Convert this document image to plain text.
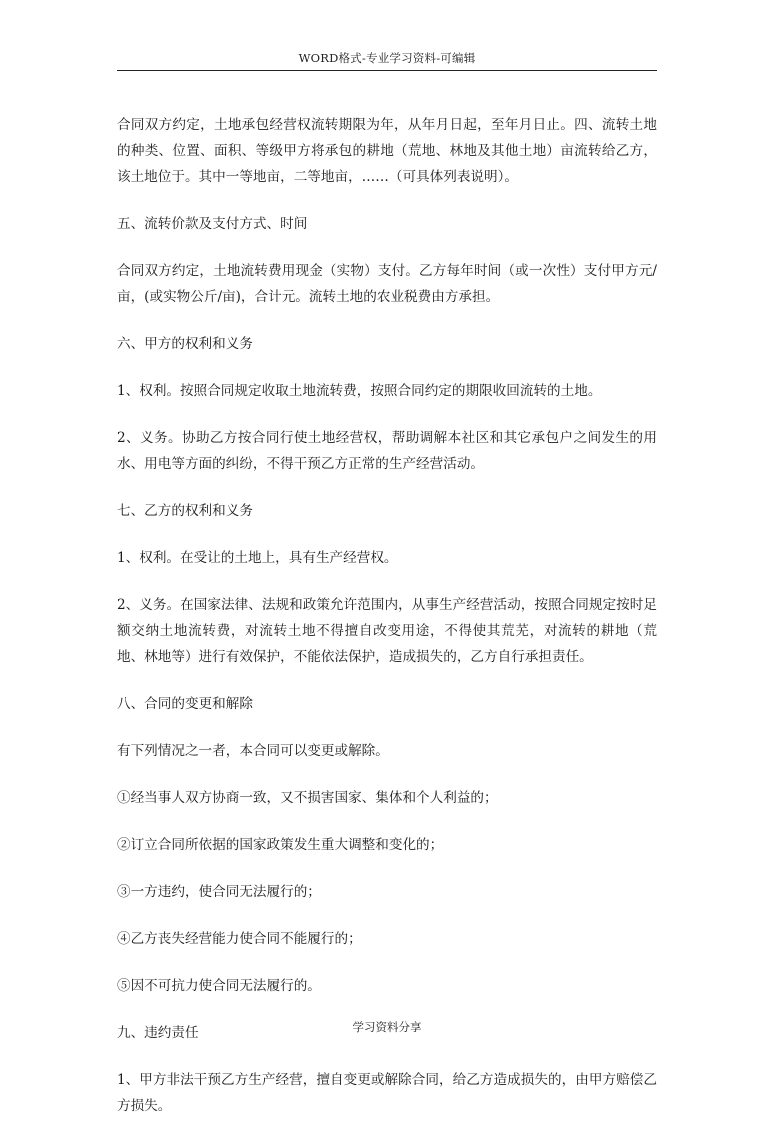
WORD格式-专业学习资料-可编辑

合同双方约定，土地承包经营权流转期限为年，从年月日起，至年月日止。四、流转土地的种类、位置、面积、等级甲方将承包的耕地（荒地、林地及其他土地）亩流转给乙方，该土地位于。其中一等地亩，二等地亩，……（可具体列表说明）。

五、流转价款及支付方式、时间

合同双方约定，土地流转费用现金（实物）支付。乙方每年时间（或一次性）支付甲方元/亩，(或实物公斤/亩)，合计元。流转土地的农业税费由方承担。

六、甲方的权利和义务

1、权利。按照合同规定收取土地流转费，按照合同约定的期限收回流转的土地。

2、义务。协助乙方按合同行使土地经营权，帮助调解本社区和其它承包户之间发生的用水、用电等方面的纠纷，不得干预乙方正常的生产经营活动。

七、乙方的权利和义务

1、权利。在受让的土地上，具有生产经营权。

2、义务。在国家法律、法规和政策允许范围内，从事生产经营活动，按照合同规定按时足额交纳土地流转费，对流转土地不得擅自改变用途，不得使其荒芜，对流转的耕地（荒地、林地等）进行有效保护，不能依法保护，造成损失的，乙方自行承担责任。

八、合同的变更和解除

有下列情况之一者，本合同可以变更或解除。

①经当事人双方协商一致，又不损害国家、集体和个人利益的；

②订立合同所依据的国家政策发生重大调整和变化的；

③一方违约，使合同无法履行的；

④乙方丧失经营能力使合同不能履行的；

⑤因不可抗力使合同无法履行的。

九、违约责任

1、甲方非法干预乙方生产经营，擅自变更或解除合同，给乙方造成损失的，由甲方赔偿乙方损失。

学习资料分享
